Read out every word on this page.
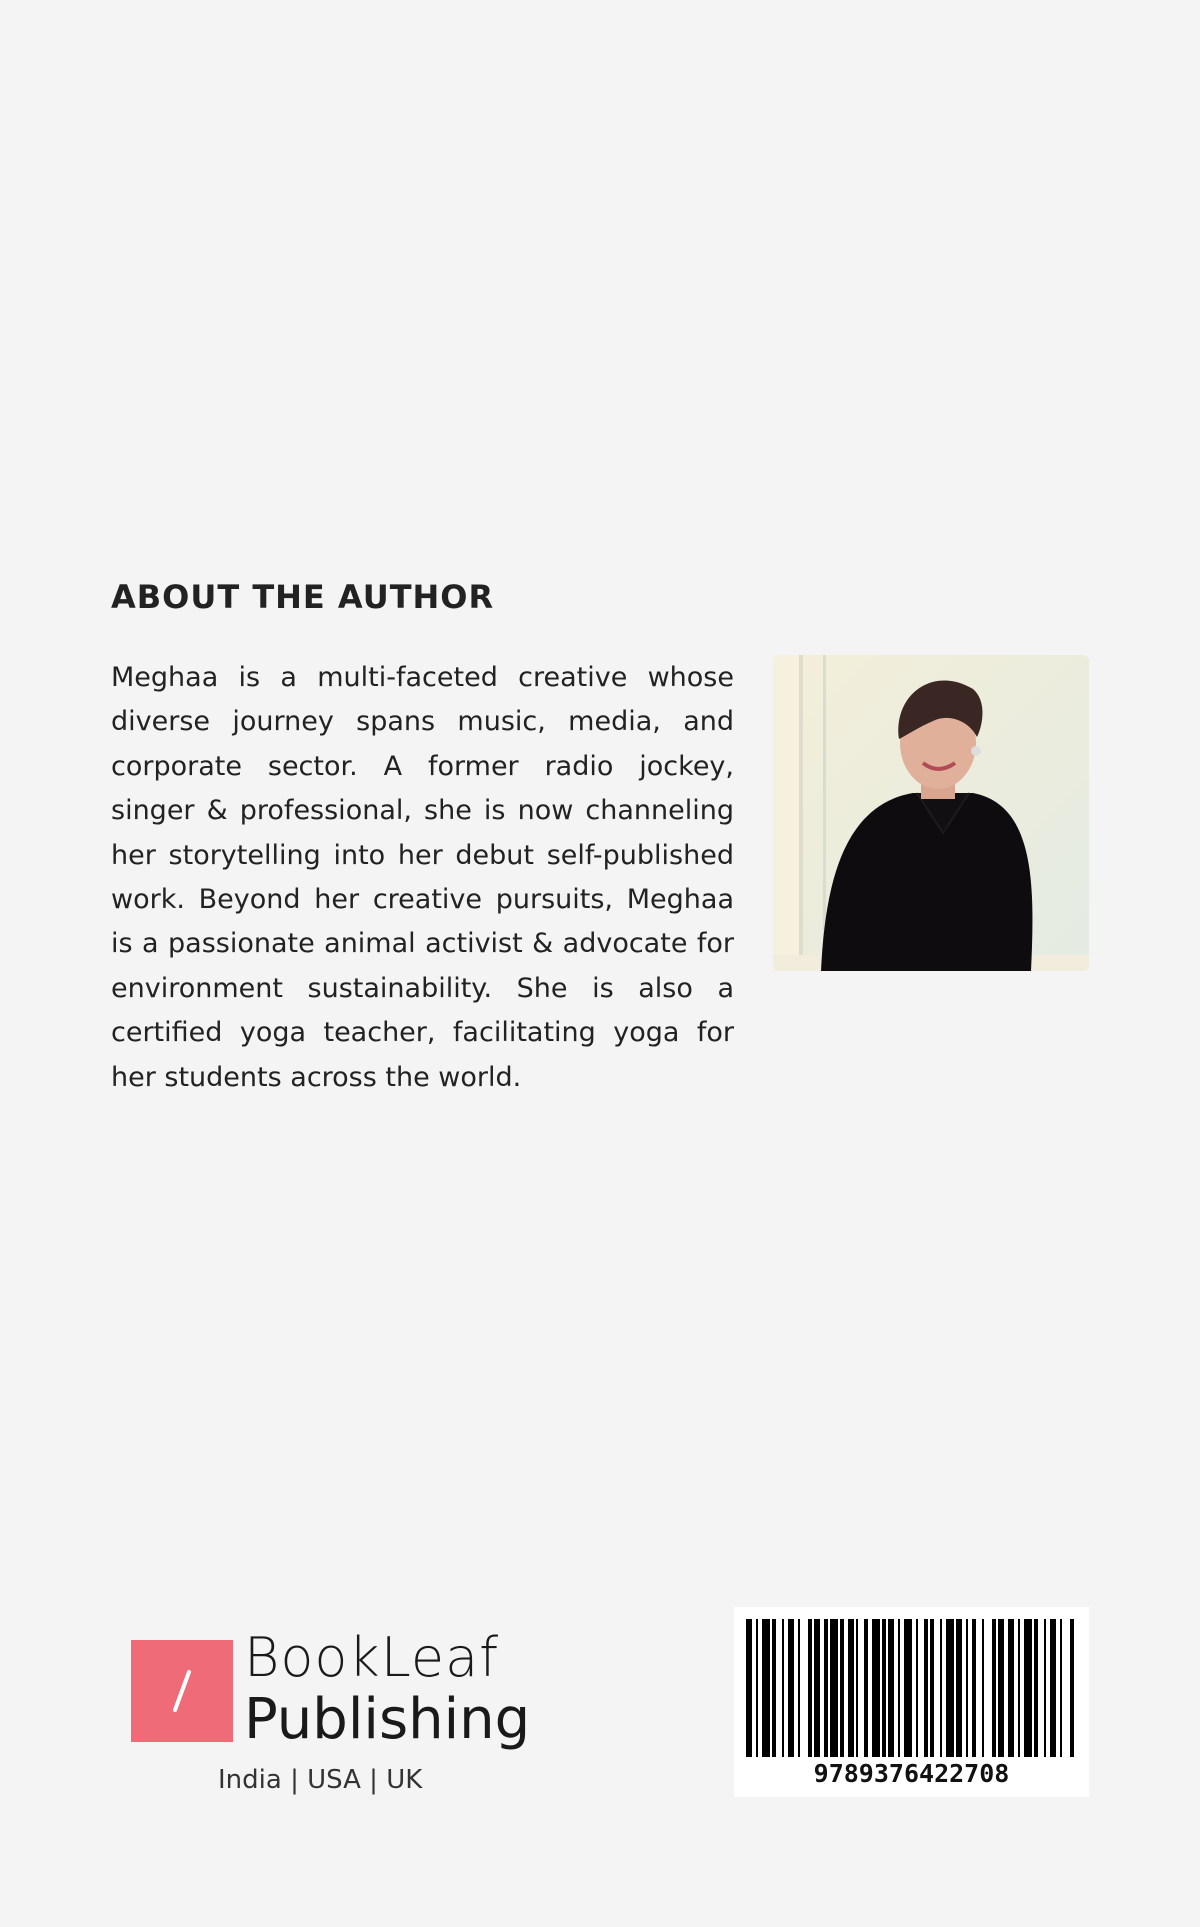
ABOUT THE AUTHOR

Meghaa is a multi-faceted creative whose diverse journey spans music, media, and corporate sector. A former radio jockey, singer & professional, she is now channeling her storytelling into her debut self-published work. Beyond her creative pursuits, Meghaa is a passionate animal activist & advocate for environment sustainability. She is also a certified yoga teacher, facilitating yoga for her students across the world.

BookLeaf

Publishing

India | USA | UK	9789376422708
